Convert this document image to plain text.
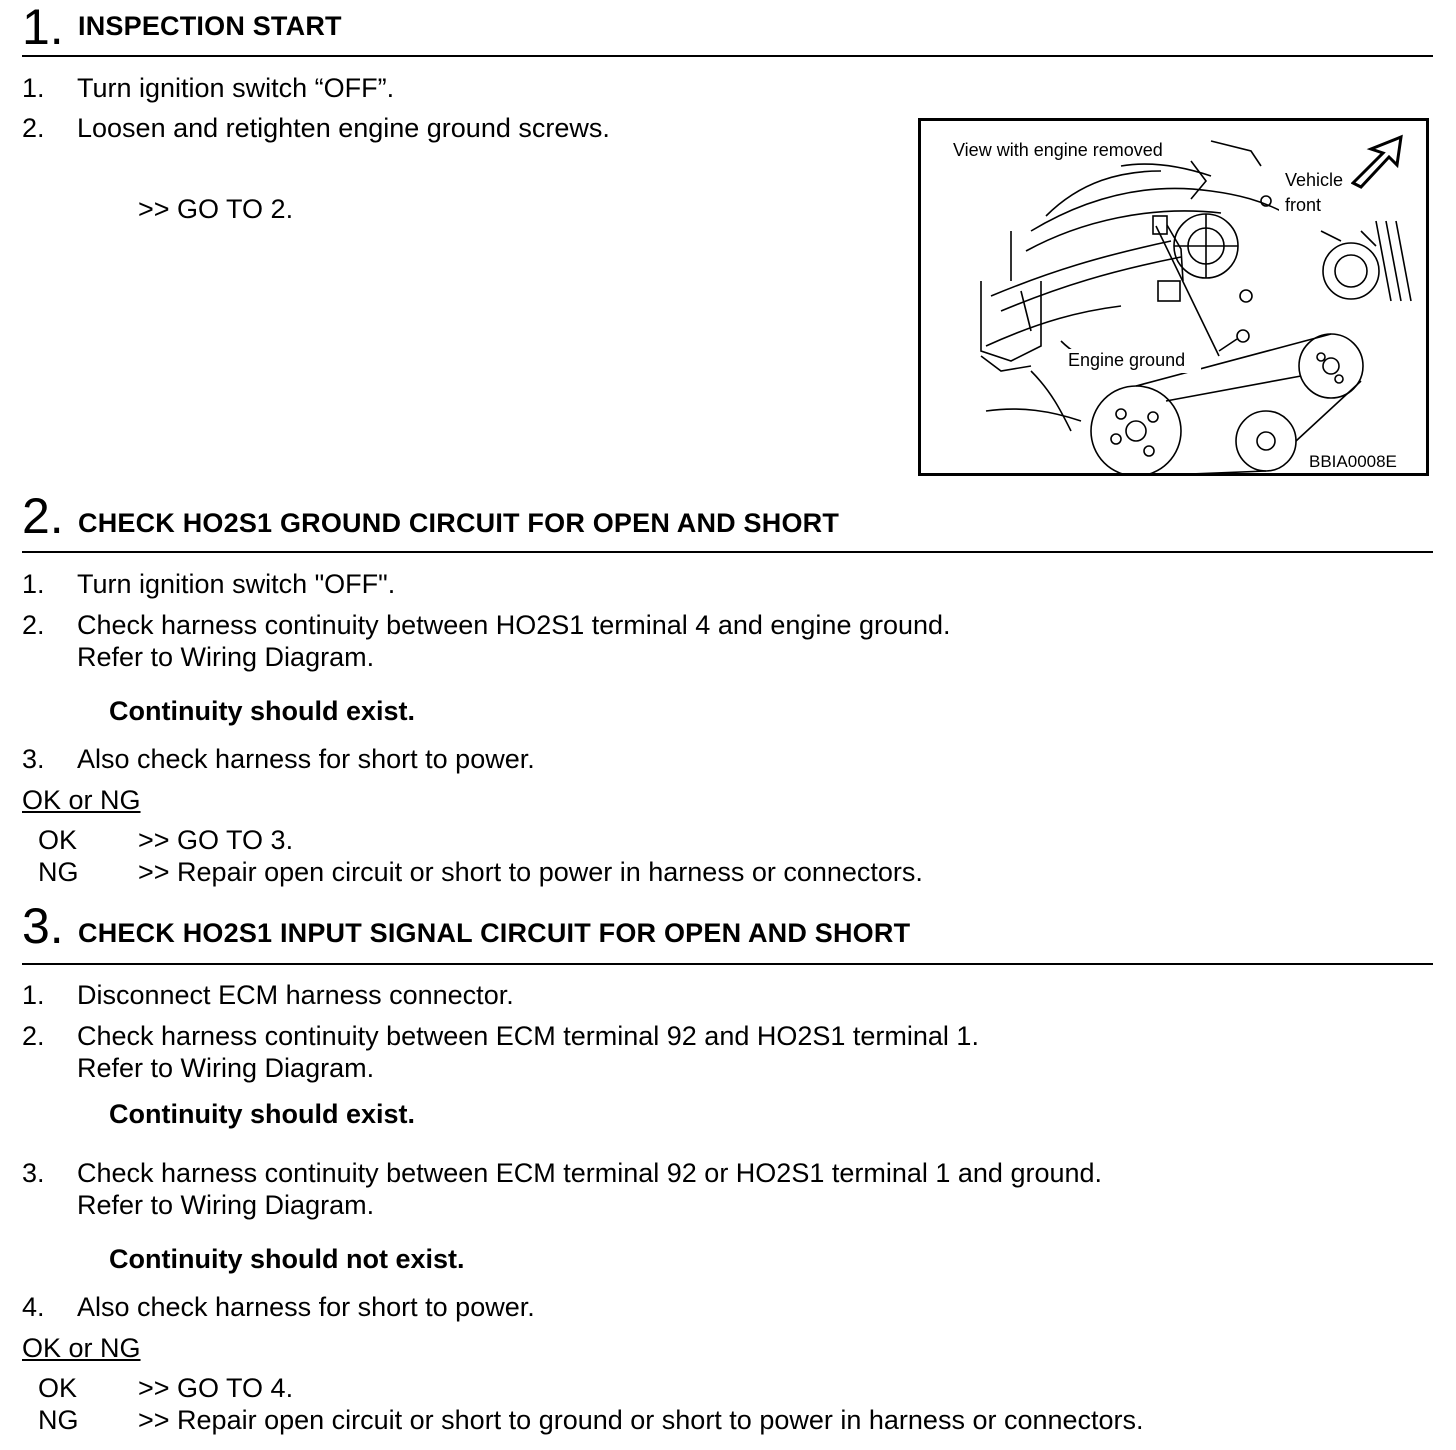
1. INSPECTION START
1. Turn ignition switch “OFF”.
2. Loosen and retighten engine ground screws.
>> GO TO 2.
View with engine removed
Vehicle
front
Engine ground
BBIA0008E
2. CHECK HO2S1 GROUND CIRCUIT FOR OPEN AND SHORT
1. Turn ignition switch "OFF".
2. Check harness continuity between HO2S1 terminal 4 and engine ground.
Refer to Wiring Diagram.
Continuity should exist.
3. Also check harness for short to power.
OK or NG
OK >> GO TO 3.
NG >> Repair open circuit or short to power in harness or connectors.
3. CHECK HO2S1 INPUT SIGNAL CIRCUIT FOR OPEN AND SHORT
1. Disconnect ECM harness connector.
2. Check harness continuity between ECM terminal 92 and HO2S1 terminal 1.
Refer to Wiring Diagram.
Continuity should exist.
3. Check harness continuity between ECM terminal 92 or HO2S1 terminal 1 and ground.
Refer to Wiring Diagram.
Continuity should not exist.
4. Also check harness for short to power.
OK or NG
OK >> GO TO 4.
NG >> Repair open circuit or short to ground or short to power in harness or connectors.
